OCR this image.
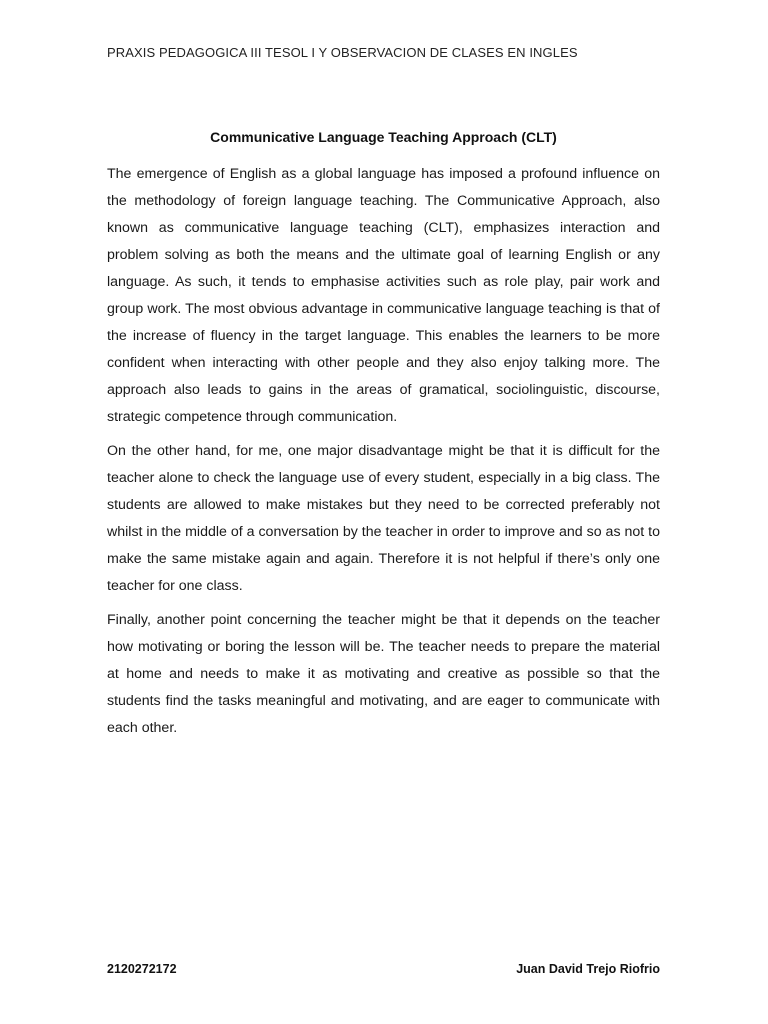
PRAXIS PEDAGOGICA III TESOL I Y OBSERVACION DE CLASES EN INGLES
Communicative Language Teaching Approach (CLT)

The emergence of English as a global language has imposed a profound influence on the methodology of foreign language teaching. The Communicative Approach, also known as communicative language teaching (CLT), emphasizes interaction and problem solving as both the means and the ultimate goal of learning English or any language. As such, it tends to emphasise activities such as role play, pair work and group work. The most obvious advantage in communicative language teaching is that of the increase of fluency in the target language. This enables the learners to be more confident when interacting with other people and they also enjoy talking more. The approach also leads to gains in the areas of gramatical, sociolinguistic, discourse, strategic competence through communication.

On the other hand, for me, one major disadvantage might be that it is difficult for the teacher alone to check the language use of every student, especially in a big class. The students are allowed to make mistakes but they need to be corrected preferably not whilst in the middle of a conversation by the teacher in order to improve and so as not to make the same mistake again and again. Therefore it is not helpful if there’s only one teacher for one class.

Finally, another point concerning the teacher might be that it depends on the teacher how motivating or boring the lesson will be. The teacher needs to prepare the material at home and needs to make it as motivating and creative as possible so that the students find the tasks meaningful and motivating, and are eager to communicate with each other.

2120272172	Juan David Trejo Riofrio
